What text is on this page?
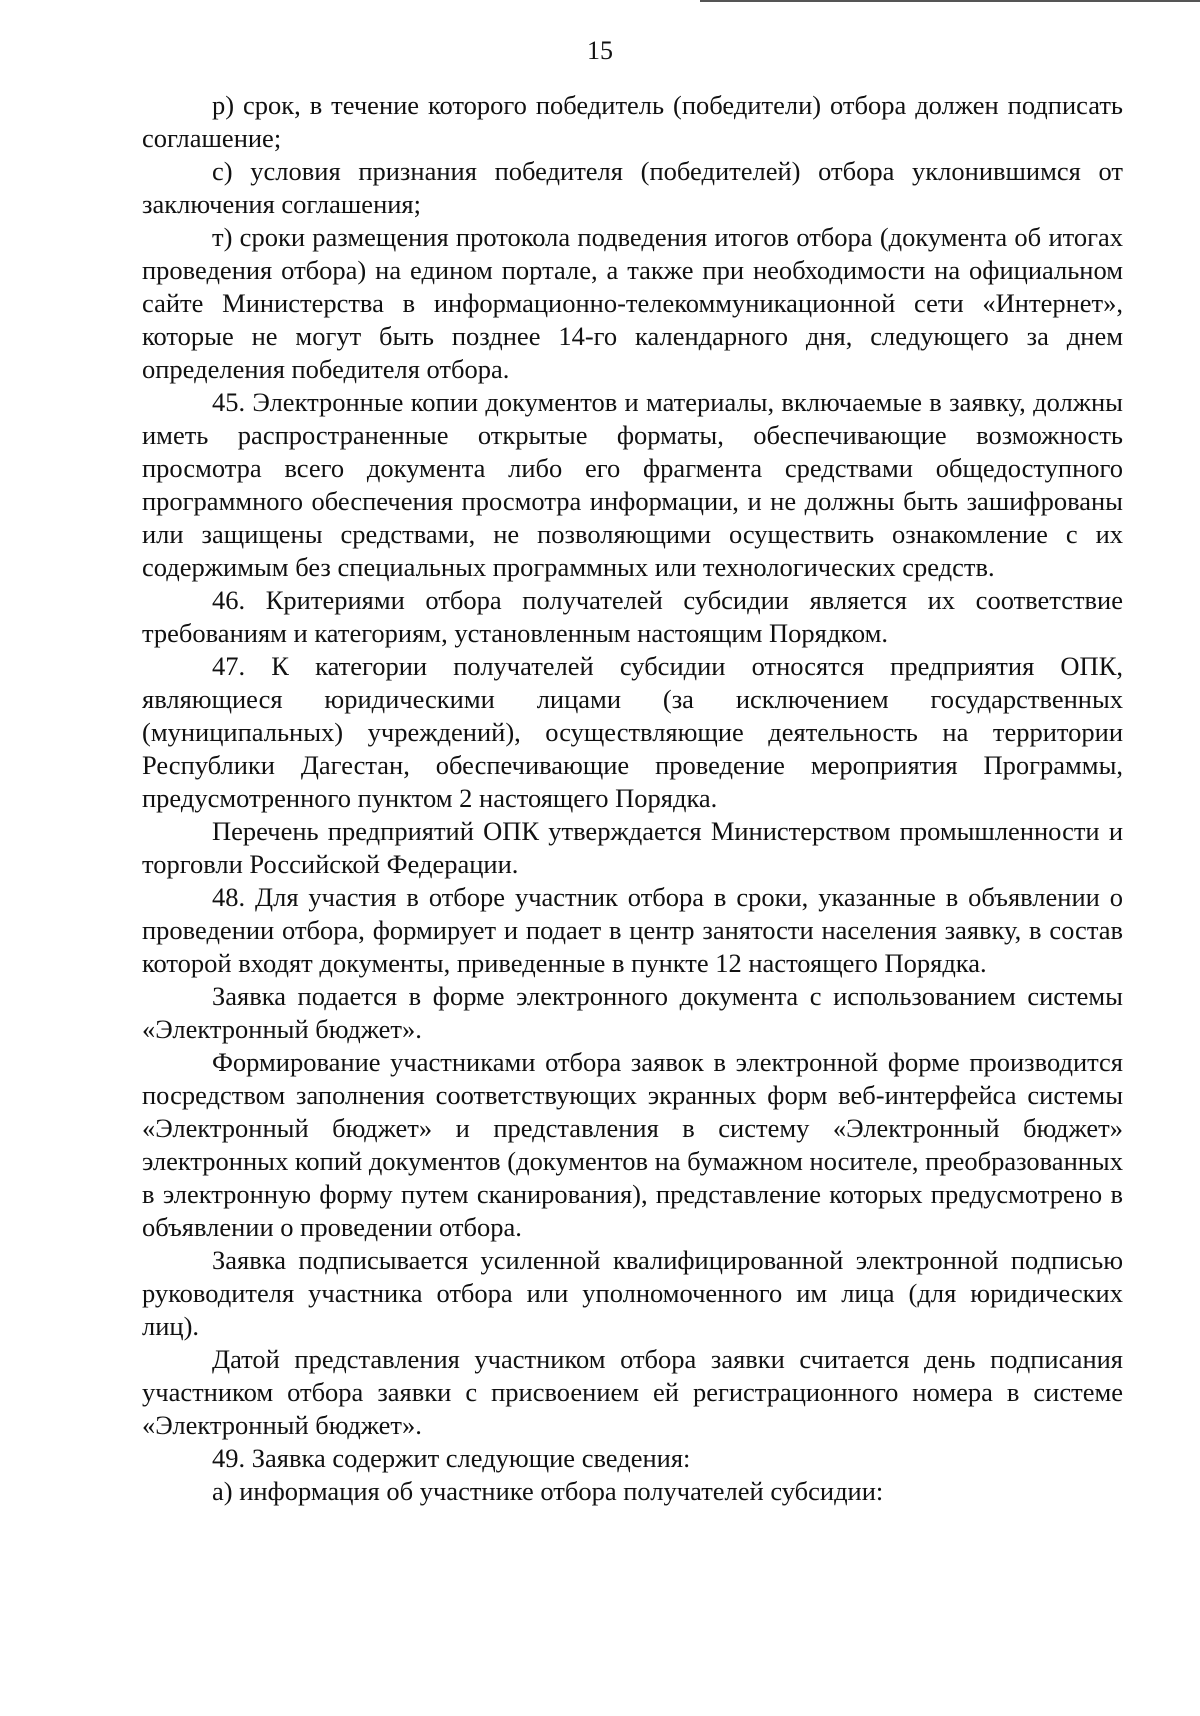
15

р) срок, в течение которого победитель (победители) отбора должен подписать соглашение;

с) условия признания победителя (победителей) отбора уклонившимся от заключения соглашения;

т) сроки размещения протокола подведения итогов отбора (документа об итогах проведения отбора) на едином портале, а также при необходимости на официальном сайте Министерства в информационно-телекоммуникационной сети «Интернет», которые не могут быть позднее 14-го календарного дня, следующего за днем определения победителя отбора.

45. Электронные копии документов и материалы, включаемые в заявку, должны иметь распространенные открытые форматы, обеспечивающие возможность просмотра всего документа либо его фрагмента средствами общедоступного программного обеспечения просмотра информации, и не должны быть зашифрованы или защищены средствами, не позволяющими осуществить ознакомление с их содержимым без специальных программных или технологических средств.

46. Критериями отбора получателей субсидии является их соответствие требованиям и категориям, установленным настоящим Порядком.

47. К категории получателей субсидии относятся предприятия ОПК, являющиеся юридическими лицами (за исключением государственных (муниципальных) учреждений), осуществляющие деятельность на территории Республики Дагестан, обеспечивающие проведение мероприятия Программы, предусмотренного пунктом 2 настоящего Порядка.

Перечень предприятий ОПК утверждается Министерством промышленности и торговли Российской Федерации.

48. Для участия в отборе участник отбора в сроки, указанные в объявлении о проведении отбора, формирует и подает в центр занятости населения заявку, в состав которой входят документы, приведенные в пункте 12 настоящего Порядка.

Заявка подается в форме электронного документа с использованием системы «Электронный бюджет».

Формирование участниками отбора заявок в электронной форме производится посредством заполнения соответствующих экранных форм веб-интерфейса системы «Электронный бюджет» и представления в систему «Электронный бюджет» электронных копий документов (документов на бумажном носителе, преобразованных в электронную форму путем сканирования), представление которых предусмотрено в объявлении о проведении отбора.

Заявка подписывается усиленной квалифицированной электронной подписью руководителя участника отбора или уполномоченного им лица (для юридических лиц).

Датой представления участником отбора заявки считается день подписания участником отбора заявки с присвоением ей регистрационного номера в системе «Электронный бюджет».

49. Заявка содержит следующие сведения:

а) информация об участнике отбора получателей субсидии:
